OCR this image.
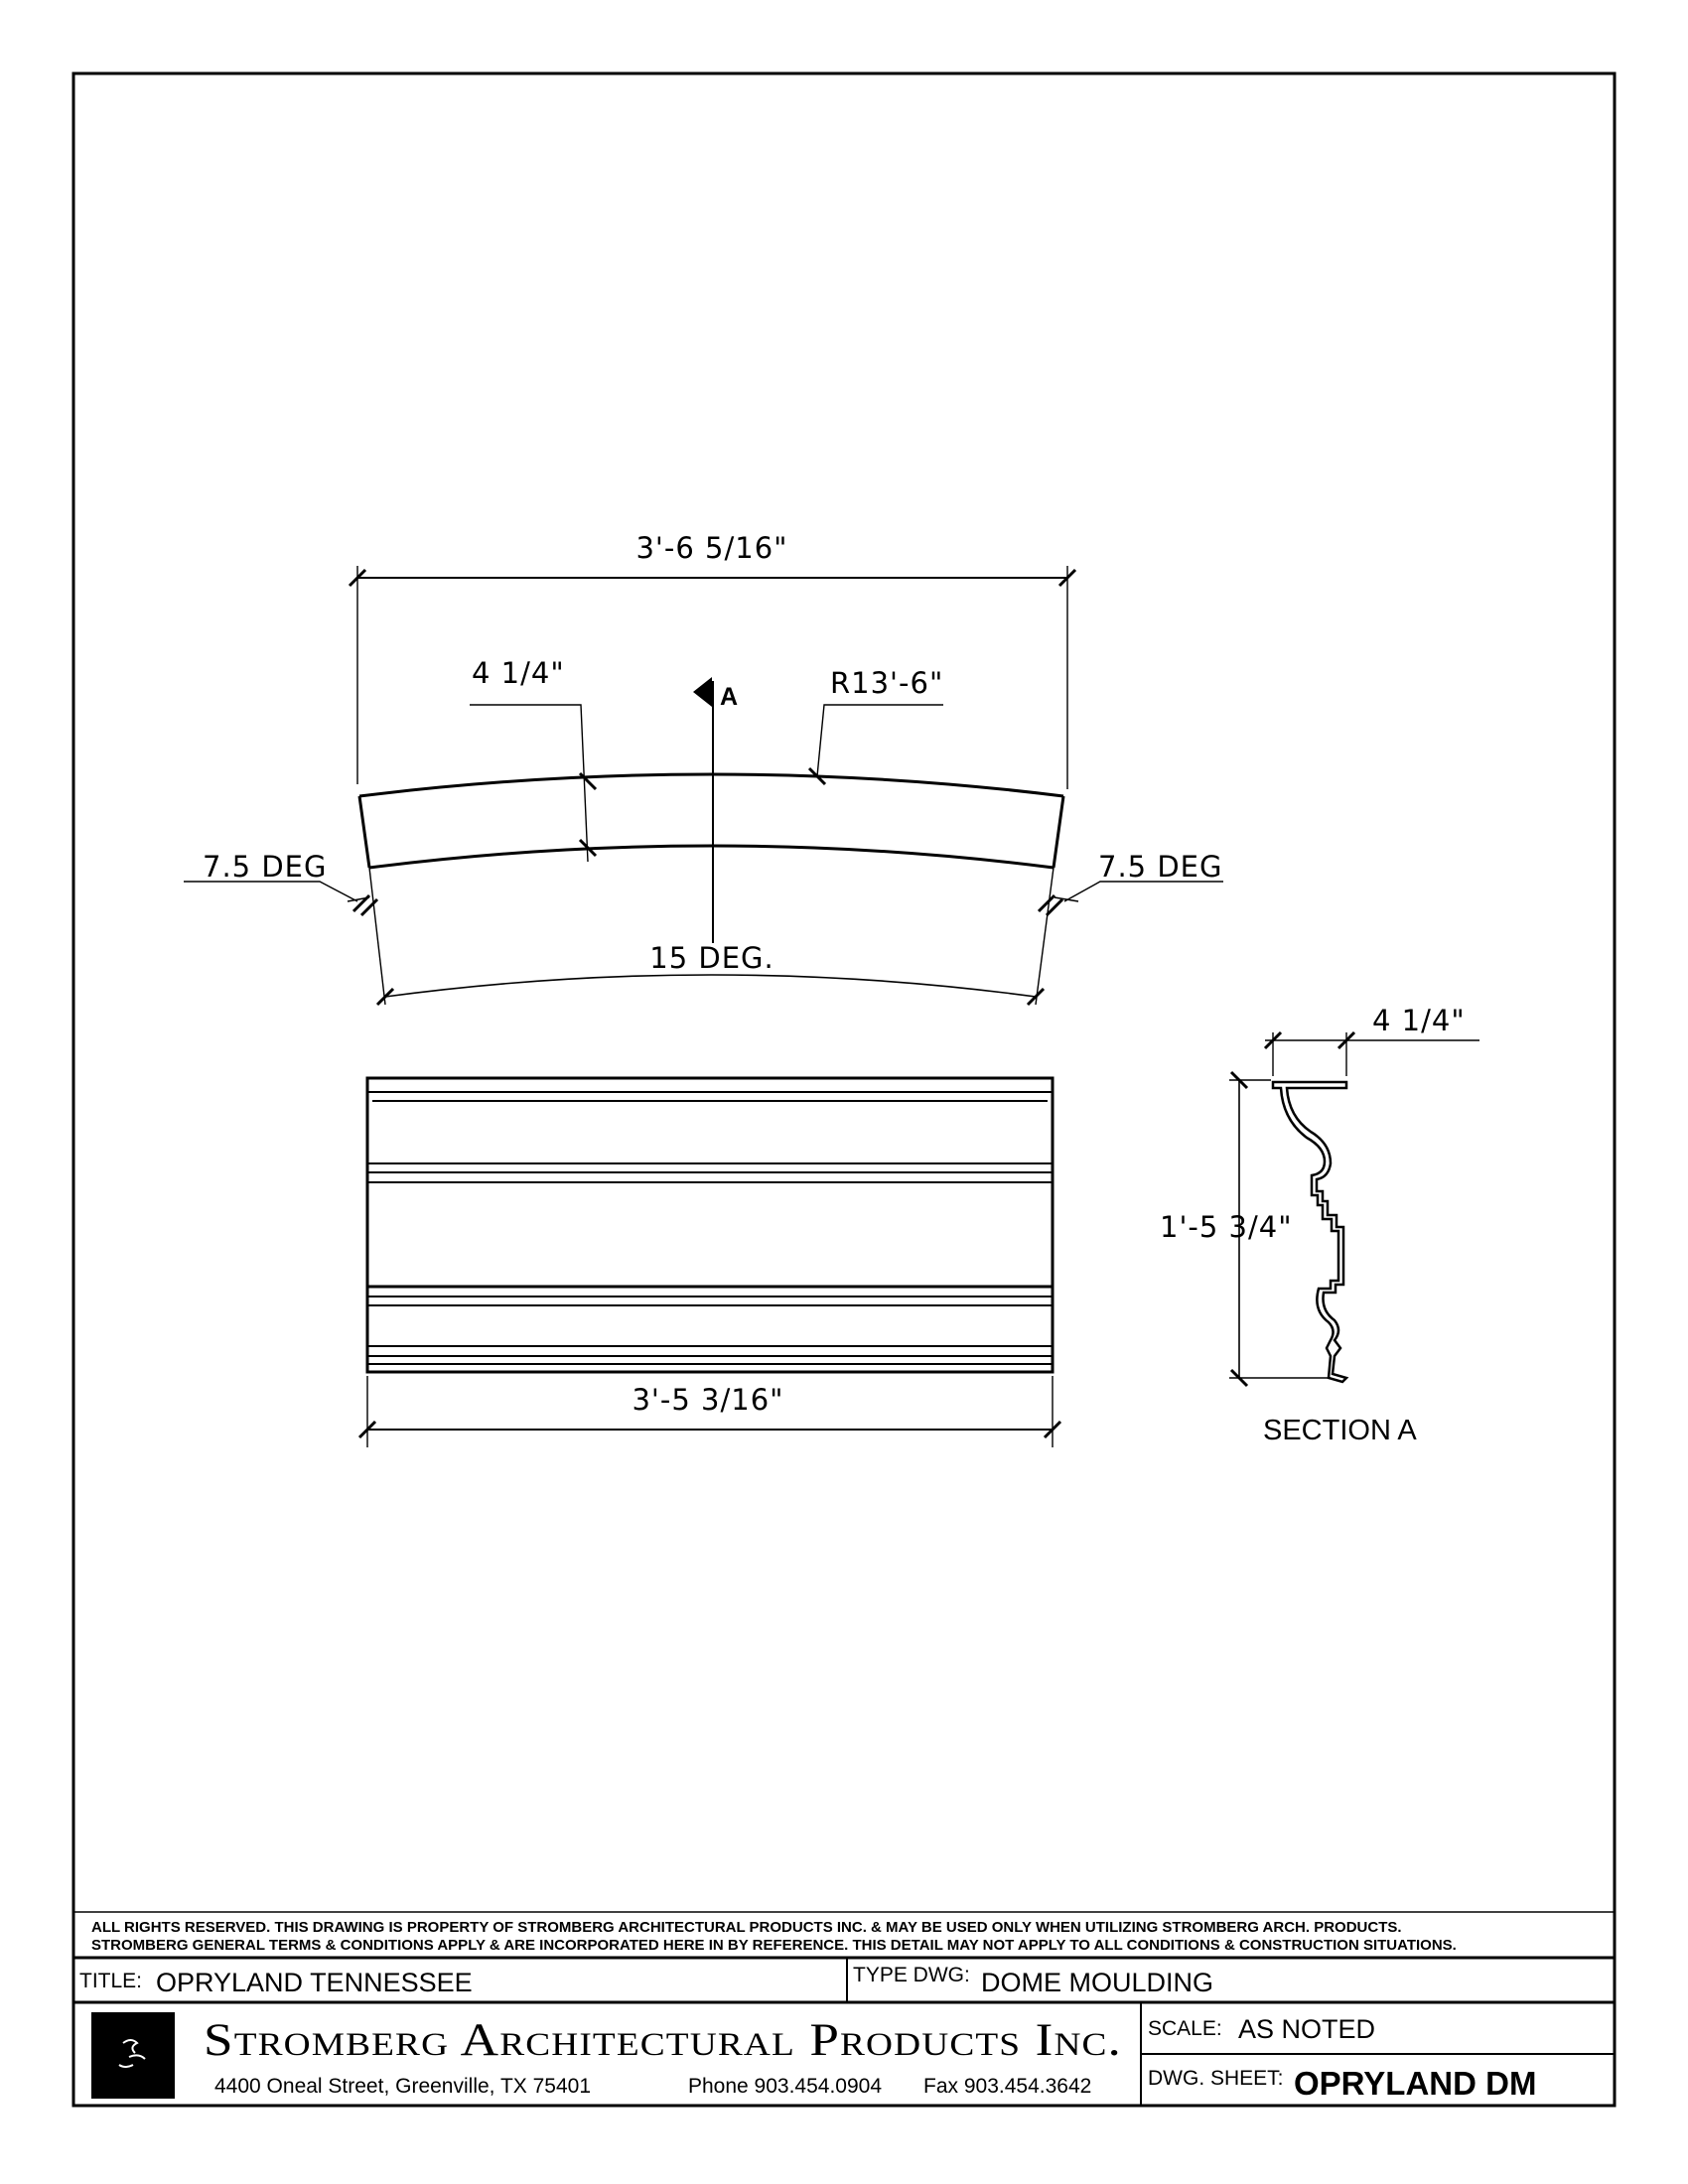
3'-6 5/16"
4 1/4"	R13'-6"
A
7.5 DEG	7.5 DEG
15 DEG.
3'-5 3/16"
4 1/4"
1'-5 3/4"
SECTION A
ALL RIGHTS RESERVED. THIS DRAWING IS PROPERTY OF STROMBERG ARCHITECTURAL PRODUCTS INC. & MAY BE USED ONLY WHEN UTILIZING STROMBERG ARCH. PRODUCTS.
STROMBERG GENERAL TERMS & CONDITIONS APPLY & ARE INCORPORATED HERE IN BY REFERENCE. THIS DETAIL MAY NOT APPLY TO ALL CONDITIONS & CONSTRUCTION SITUATIONS.
TITLE: OPRYLAND TENNESSEE	TYPE DWG: DOME MOULDING
Stromberg Architectural Products Inc.
4400 Oneal Street, Greenville, TX 75401	Phone 903.454.0904 Fax 903.454.3642
SCALE: AS NOTED
DWG. SHEET: OPRYLAND DM
